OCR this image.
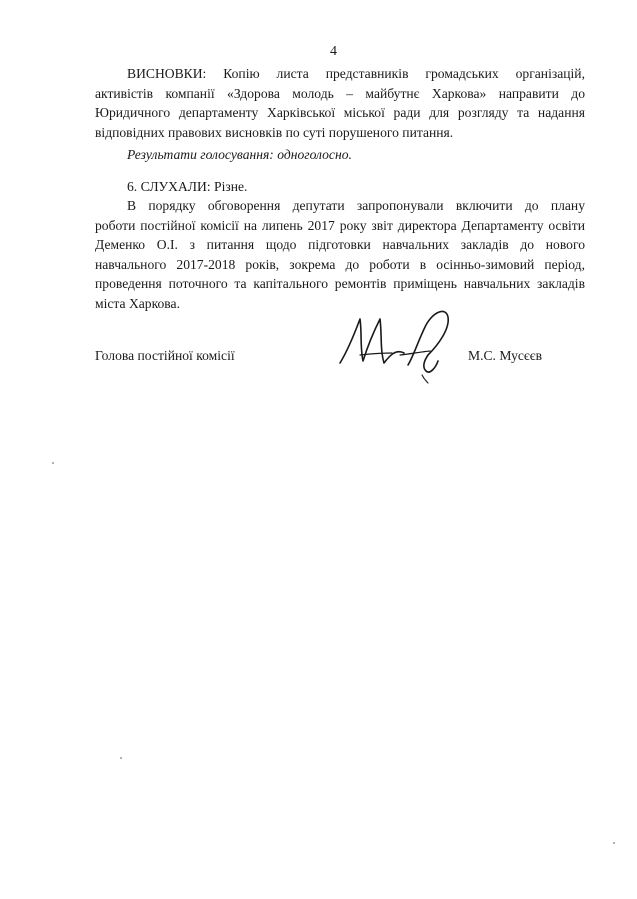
4
ВИСНОВКИ: Копію листа представників громадських організацій,
активістів компанії «Здорова молодь – майбутнє Харкова» направити до
Юридичного департаменту Харківської міської ради для розгляду та надання
відповідних правових висновків по суті порушеного питання.
Результати голосування: одноголосно.
6. СЛУХАЛИ: Різне.
В порядку обговорення депутати запропонували включити до плану
роботи постійної комісії на липень 2017 року звіт директора Департаменту освіти
Деменко О.І. з питання щодо підготовки навчальних закладів до нового
навчального 2017-2018 років, зокрема до роботи в осінньо-зимовий період,
проведення поточного та капітального ремонтів приміщень навчальних закладів
міста Харкова.
Голова постійної комісії	М.С. Мусєєв
